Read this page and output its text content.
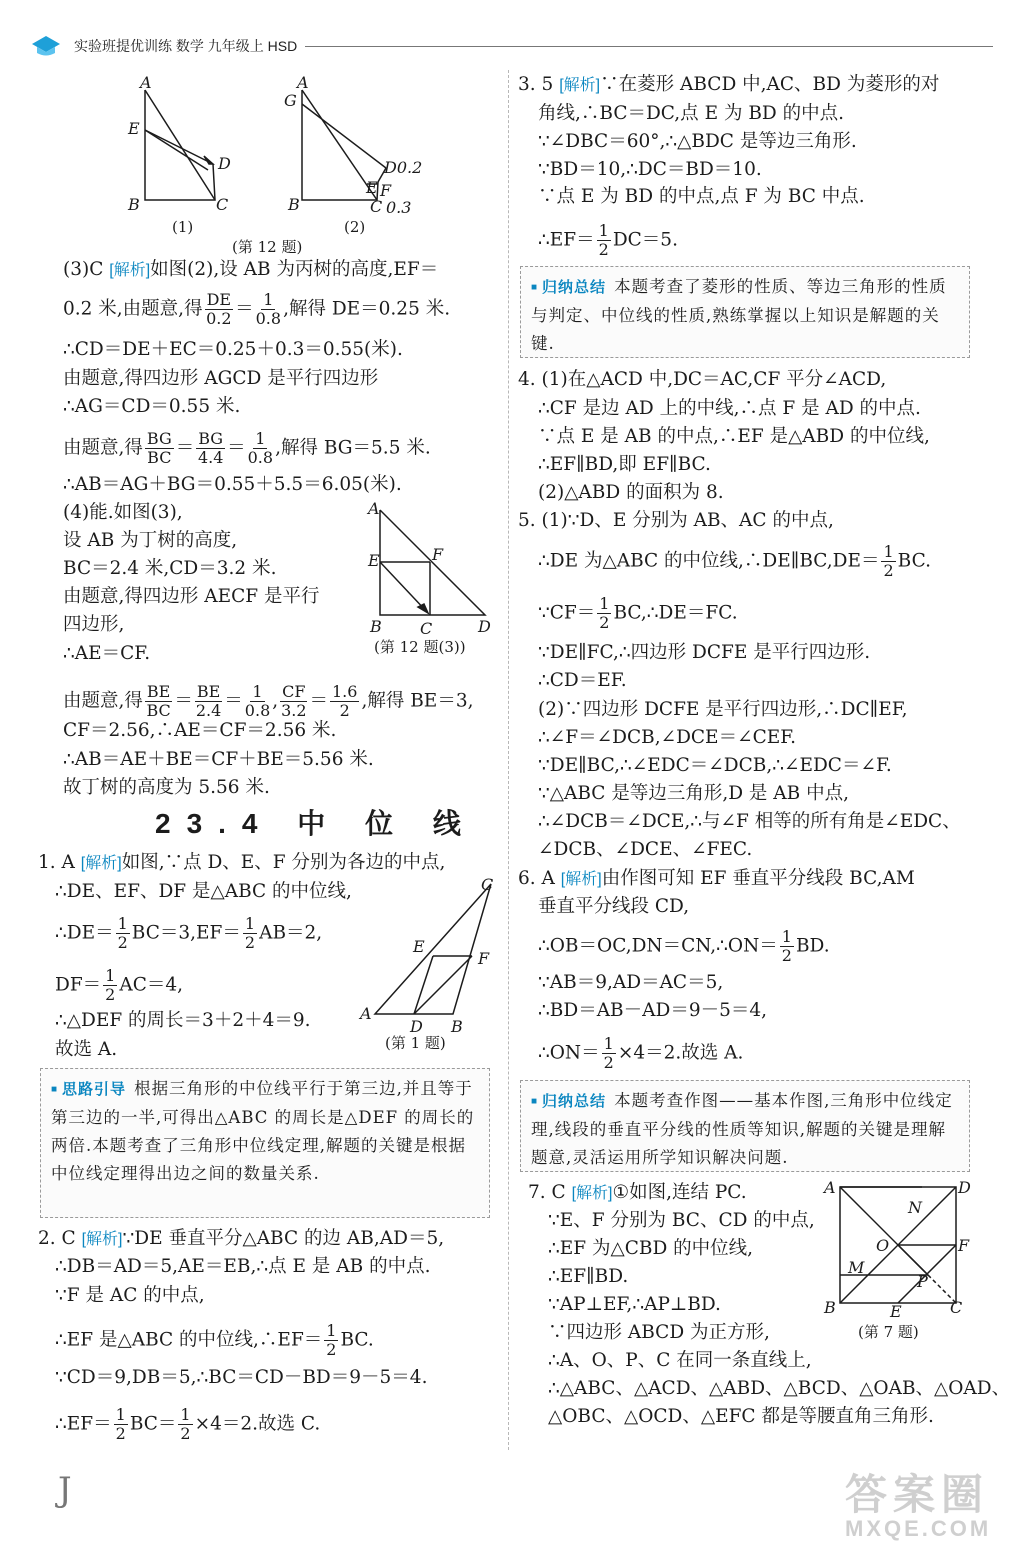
实验班提优训练 数学 九年级上 HSD
A
E
D
B	C
(1)
G
A
D0.2
E F
B	C 0.3
(2)
(第 12 题)
(3)C [解析]如图(2),设 AB 为丙树的高度,EF＝
0.2 米,由题意,得 $\frac{DE}{0.2} = \frac{1}{0.8}$ ,解得 DE＝0.25 米.
∴CD＝DE＋EC＝0.25＋0.3＝0.55(米).
由题意,得四边形 AGCD 是平行四边形
∴AG＝CD＝0.55 米.
由题意,得 $\frac{BG}{BC} = \frac{BG}{4.4} = \frac{1}{0.8}$ ,解得 BG＝5.5 米.
∴AB＝AG＋BG＝0.55＋5.5＝6.05(米).
(4)能.如图(3),
设 AB 为丁树的高度,
BC＝2.4 米,CD＝3.2 米.
由题意,得四边形 AECF 是平行
四边形,
∴AE＝CF.
A
E	F
B C	D
(第 12 题(3))
由题意,得 $\frac{BE}{BC} = \frac{BE}{2.4} = \frac{1}{0.8}$ , $\frac{CF}{3.2} = \frac{1.6}{2}$ ,解得 BE＝3,
CF＝2.56,∴AE＝CF＝2.56 米.
∴AB＝AE＋BE＝CF＋BE＝5.56 米.
故丁树的高度为 5.56 米.
23.4 中 位 线
1. A [解析]如图,∵点 D、E、F 分别为各边的中点,
∴DE、EF、DF 是△ABC 的中位线,
∴DE＝ $\frac{1}{2} BC=3,EF= \frac{1}{2} AB=2$,
$DF= \frac{1}{2} AC=4$,
∴△DEF 的周长＝3＋2＋4＝9.
故选 A.
C
E
F
A
D B
(第 1 题)
■ 思路引导 根据三角形的中位线平行于第三边,并且等于第三边的一半,可得出△ABC 的周长是△DEF 的周长的两倍.本题考查了三角形中位线定理,解题的关键是根据中位线定理得出边之间的数量关系.
2. C [解析]∵DE 垂直平分△ABC 的边 AB,AD＝5,
∴DB＝AD＝5,AE＝EB,∴点 E 是 AB 的中点.
∵F 是 AC 的中点,
∴EF 是△ABC 的中位线,∴EF＝ $\frac{1}{2}$ BC.
∵CD＝9,DB＝5,∴BC＝CD－BD＝9－5＝4.
∴EF＝ $\frac{1}{2} BC= \frac{1}{2} \times 4=2$.故选 C.
3. 5 [解析]∵在菱形 ABCD 中,AC、BD 为菱形的对
角线,∴BC＝DC,点 E 为 BD 的中点.
∵∠DBC＝60°,∴△BDC 是等边三角形.
∵BD＝10,∴DC＝BD＝10.
∵点 E 为 BD 的中点,点 F 为 BC 中点.
∴EF＝ $\frac{1}{2} DC=5$.
■ 归纳总结 本题考查了菱形的性质、等边三角形的性质与判定、中位线的性质,熟练掌握以上知识是解题的关键.
4. (1)在△ACD 中,DC＝AC,CF 平分∠ACD,
∴CF 是边 AD 上的中线,∴点 F 是 AD 的中点.
∵点 E 是 AB 的中点,∴EF 是△ABD 的中位线,
∴EF∥BD,即 EF∥BC.
(2)△ABD 的面积为 8.
5. (1)∵D、E 分别为 AB、AC 的中点,
∴DE 为△ABC 的中位线,∴DE∥BC,DE＝ $\frac{1}{2}$ BC.
∵CF＝ $\frac{1}{2}$ BC,∴DE＝FC.
∵DE∥FC,∴四边形 DCFE 是平行四边形.
∴CD＝EF.
(2)∵四边形 DCFE 是平行四边形,∴DC∥EF,
∴∠F＝∠DCB,∠DCE＝∠CEF.
∵DE∥BC,∴∠EDC＝∠DCB,∴∠EDC＝∠F.
∵△ABC 是等边三角形,D 是 AB 中点,
∴∠DCB＝∠DCE,∴与∠F 相等的所有角是∠EDC、
∠DCB、∠DCE、∠FEC.
6. A [解析]由作图可知 EF 垂直平分线段 BC,AM
垂直平分线段 CD,
∴OB＝OC,DN＝CN,∴ON＝ $\frac{1}{2}$ BD.
∵AB＝9,AD＝AC＝5,
∴BD＝AB－AD＝9－5＝4,
∴ON＝ $\frac{1}{2} \times 4=2$.故选 A.
■ 归纳总结 本题考查作图——基本作图,三角形中位线定理,线段的垂直平分线的性质等知识,解题的关键是理解题意,灵活运用所学知识解决问题.
7. C [解析]①如图,连结 PC.
∵E、F 分别为 BC、CD 的中点,
∴EF 为△CBD 的中位线,
∴EF∥BD.
∵AP⊥EF,∴AP⊥BD.
∵四边形 ABCD 为正方形,
∴A、O、P、C 在同一条直线上,
∴△ABC、△ACD、△ABD、△BCD、△OAB、△OAD、
△OBC、△OCD、△EFC 都是等腰直角三角形.
A	D
N
O	F
M
P
B	E	C
(第 7 题)
J	答案圈
MXQE.COM
